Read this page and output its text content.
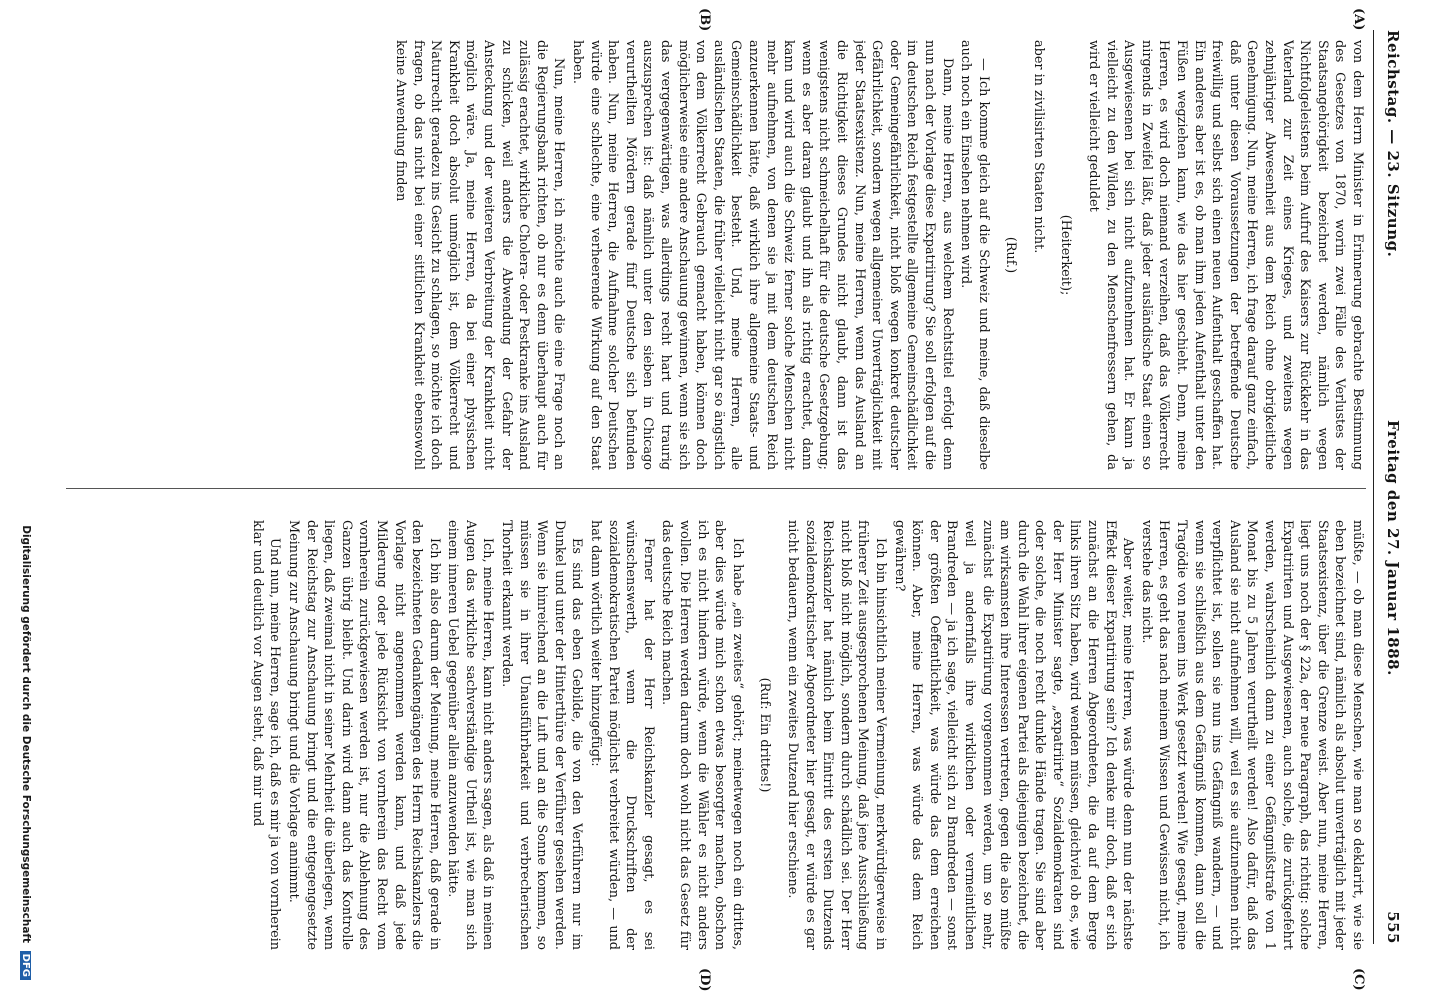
Reichstag. — 23. Sitzung.
Freitag den 27. Januar 1888.
555
(A)
(B)
(C)
(D)

von dem Herrn Minister in Erinnerung gebrachte Bestimmung des Gesetzes von 1870, worin zwei Fälle des Verlustes der Staatsangehörigkeit bezeichnet werden, nämlich wegen Nichtfolgeleistens beim Aufruf des Kaisers zur Rückkehr in das Vaterland zur Zeit eines Krieges, und zweitens wegen zehnjähriger Abwesenheit aus dem Reich ohne obrigkeitliche Genehmigung. Nun, meine Herren, ich frage darauf ganz einfach, daß unter diesen Voraussetzungen der betreffende Deutsche freiwillig und selbst sich einen neuen Aufenthalt geschaffen hat. Ein anderes aber ist es, ob man ihm jeden Aufenthalt unter den Füßen wegziehen kann, wie das hier geschieht. Denn, meine Herren, es wird doch niemand verzeihen, daß das Völkerrecht nirgends in Zweifel läßt, daß jeder ausländische Staat einen so Ausgewiesenen bei sich nicht aufzunehmen hat. Er kann ja vielleicht zu den Wilden, zu den Menschenfressern gehen, da wird er vielleicht geduldet

(Heiterkeit);

aber in zivilisirten Staaten nicht.

(Ruf.)

— Ich komme gleich auf die Schweiz und meine, daß dieselbe auch noch ein Einsehen nehmen wird.

Dann, meine Herren, aus welchem Rechtstitel erfolgt denn nun nach der Vorlage diese Expatriirung? Sie soll erfolgen auf die im deutschen Reich festgestellte allgemeine Gemeinschädlichkeit oder Gemeingefährlichkeit, nicht bloß wegen konkret deutscher Gefährlichkeit, sondern wegen allgemeiner Unverträglichkeit mit jeder Staatsexistenz. Nun, meine Herren, wenn das Ausland an die Richtigkeit dieses Grundes nicht glaubt, dann ist das wenigstens nicht schmeichelhaft für die deutsche Gesetzgebung; wenn es aber daran glaubt und ihn als richtig erachtet, dann kann und wird auch die Schweiz ferner solche Menschen nicht mehr aufnehmen, von denen sie ja mit dem deutschen Reich anzuerkennen hätte, daß wirklich ihre allgemeine Staats- und Gemeinschädlichkeit besteht. Und, meine Herren, alle ausländischen Staaten, die früher vielleicht nicht gar so ängstlich von dem Völkerrecht Gebrauch gemacht haben, können doch möglicherweise eine andere Anschauung gewinnen, wenn sie sich das vergegenwärtigen, was allerdings recht hart und traurig auszusprechen ist: daß nämlich unter den sieben in Chicago verurtheilten Mördern gerade fünf Deutsche sich befunden haben. Nun, meine Herren, die Aufnahme solcher Deutschen würde eine schlechte, eine verheerende Wirkung auf den Staat haben.

Nun, meine Herren, ich möchte auch die eine Frage noch an die Regierungsbank richten, ob nur es denn überhaupt auch für zulässig erachtet, wirkliche Cholera- oder Pestkranke ins Ausland zu schicken, weil anders die Abwendung der Gefahr der Ansteckung und der weiteren Verbreitung der Krankheit nicht möglich wäre. Ja, meine Herren, da bei einer physischen Krankheit doch absolut unmöglich ist, dem Völkerrecht und Naturrecht geradezu ins Gesicht zu schlagen, so möchte ich doch fragen, ob das nicht bei einer sittlichen Krankheit ebensowohl keine Anwendung finden

müßte, — ob man diese Menschen, wie man so deklarirt, wie sie eben bezeichnet sind, nämlich als absolut unverträglich mit jeder Staatsexistenz, über die Grenze weist. Aber nun, meine Herren, liegt uns noch der § 22a, der neue Paragraph, das richtig: solche Expatriirten und Ausgewiesenen, auch solche, die zurückgefehrt werden, wahrscheinlich dann zu einer Gefängnißstrafe von 1 Monat bis zu 5 Jahren verurtheilt werden! Also dafür, daß das Ausland sie nicht aufnehmen will, weil es sie aufzunehmen nicht verpflichtet ist, sollen sie nun ins Gefängniß wandern, — und wenn sie schließlich aus dem Gefängniß kommen, dann soll die Tragödie von neuem ins Werk gesetzt werden! Wie gesagt, meine Herren, es geht das nach meinem Wissen und Gewissen nicht, ich verstehe das nicht.

Aber weiter, meine Herren, was würde denn nun der nächste Effekt dieser Expatriirung sein? Ich denke mir doch, daß er sich zunächst an die Herren Abgeordneten, die da auf dem Berge links ihren Sitz haben, wird wenden müssen, gleichviel ob es, wie der Herr Minister sagte, „expatriirte“ Sozialdemokraten sind oder solche, die noch recht dunkle Hände tragen. Sie sind aber durch die Wahl ihrer eigenen Partei als diejenigen bezeichnet, die am wirksamsten ihre Interessen vertreten, gegen die also müßte zunächst die Expatriirung vorgenommen werden, um so mehr, weil ja andernfalls ihre wirklichen oder vermeintlichen Brandreden — ja ich sage, vielleicht sich zu Brandreden — sonst der größten Oeffentlichkeit, was würde das dem erreichen können. Aber, meine Herren, was würde das dem Reich gewähren?

Ich bin hinsichtlich meiner Vermeinung, merkwürdigerweise in früherer Zeit ausgesprochenen Meinung, daß jene Ausschließung nicht bloß nicht möglich, sondern durch schädlich sei. Der Herr Reichskanzler hat nämlich beim Eintritt des ersten Dutzends sozialdemokratischer Abgeordneter hier gesagt, er würde es gar nicht bedauern, wenn ein zweites Dutzend hier erschiene.

(Ruf: Ein drittes!)

Ich habe „ein zweites“ gehört; meinetwegen noch ein drittes, aber dies würde mich schon etwas besorgter machen, obschon ich es nicht hindern würde, wenn die Wähler es nicht anders wollen. Die Herren werden darum doch wohl nicht das Gesetz für das deutsche Reich machen.

Ferner hat der Herr Reichskanzler gesagt, es sei wünschenswerth, wenn die Druckschriften der sozialdemokratischen Partei möglichst verbreitet würden, — und hat dann wörtlich weiter hinzugefügt:

Es sind das eben Gebilde, die von den Verführern nur im Dunkel und unter der Hinterthüre der Verführer gesehen werden. Wenn sie hinreichend an die Luft und an die Sonne kommen, so müssen sie in ihrer Unausführbarkeit und verbrecherischen Thorheit erkannt werden.

Ich, meine Herren, kann nicht anders sagen, als daß in meinen Augen das wirkliche sachverständige Urtheil ist, wie man sich einem inneren Uebel gegenüber allein anzuwenden hätte.

Ich bin also darum der Meinung, meine Herren, daß gerade in den bezeichneten Gedankengängen des Herrn Reichskanzlers die Vorlage nicht angenommen werden kann, und daß jede Milderung oder jede Rücksicht von vornherein das Recht vom vornherein zurückgewiesen werden ist, nur die Ablehnung des Ganzen übrig bleibt. Und darin wird dann auch das Kontrolle liegen, daß zweimal nicht in seiner Mehrheit die überlegen, wenn der Reichstag zur Anschauung bringt und die entgegengesetzte Meinung zur Anschauung bringt und die Vorlage annimmt.

Und nun, meine Herren, sage ich, daß es mir ja von vornherein klar und deutlich vor Augen steht, daß mir und

Digitalisierung gefördert durch die Deutsche Forschungsgemeinschaft DFG
